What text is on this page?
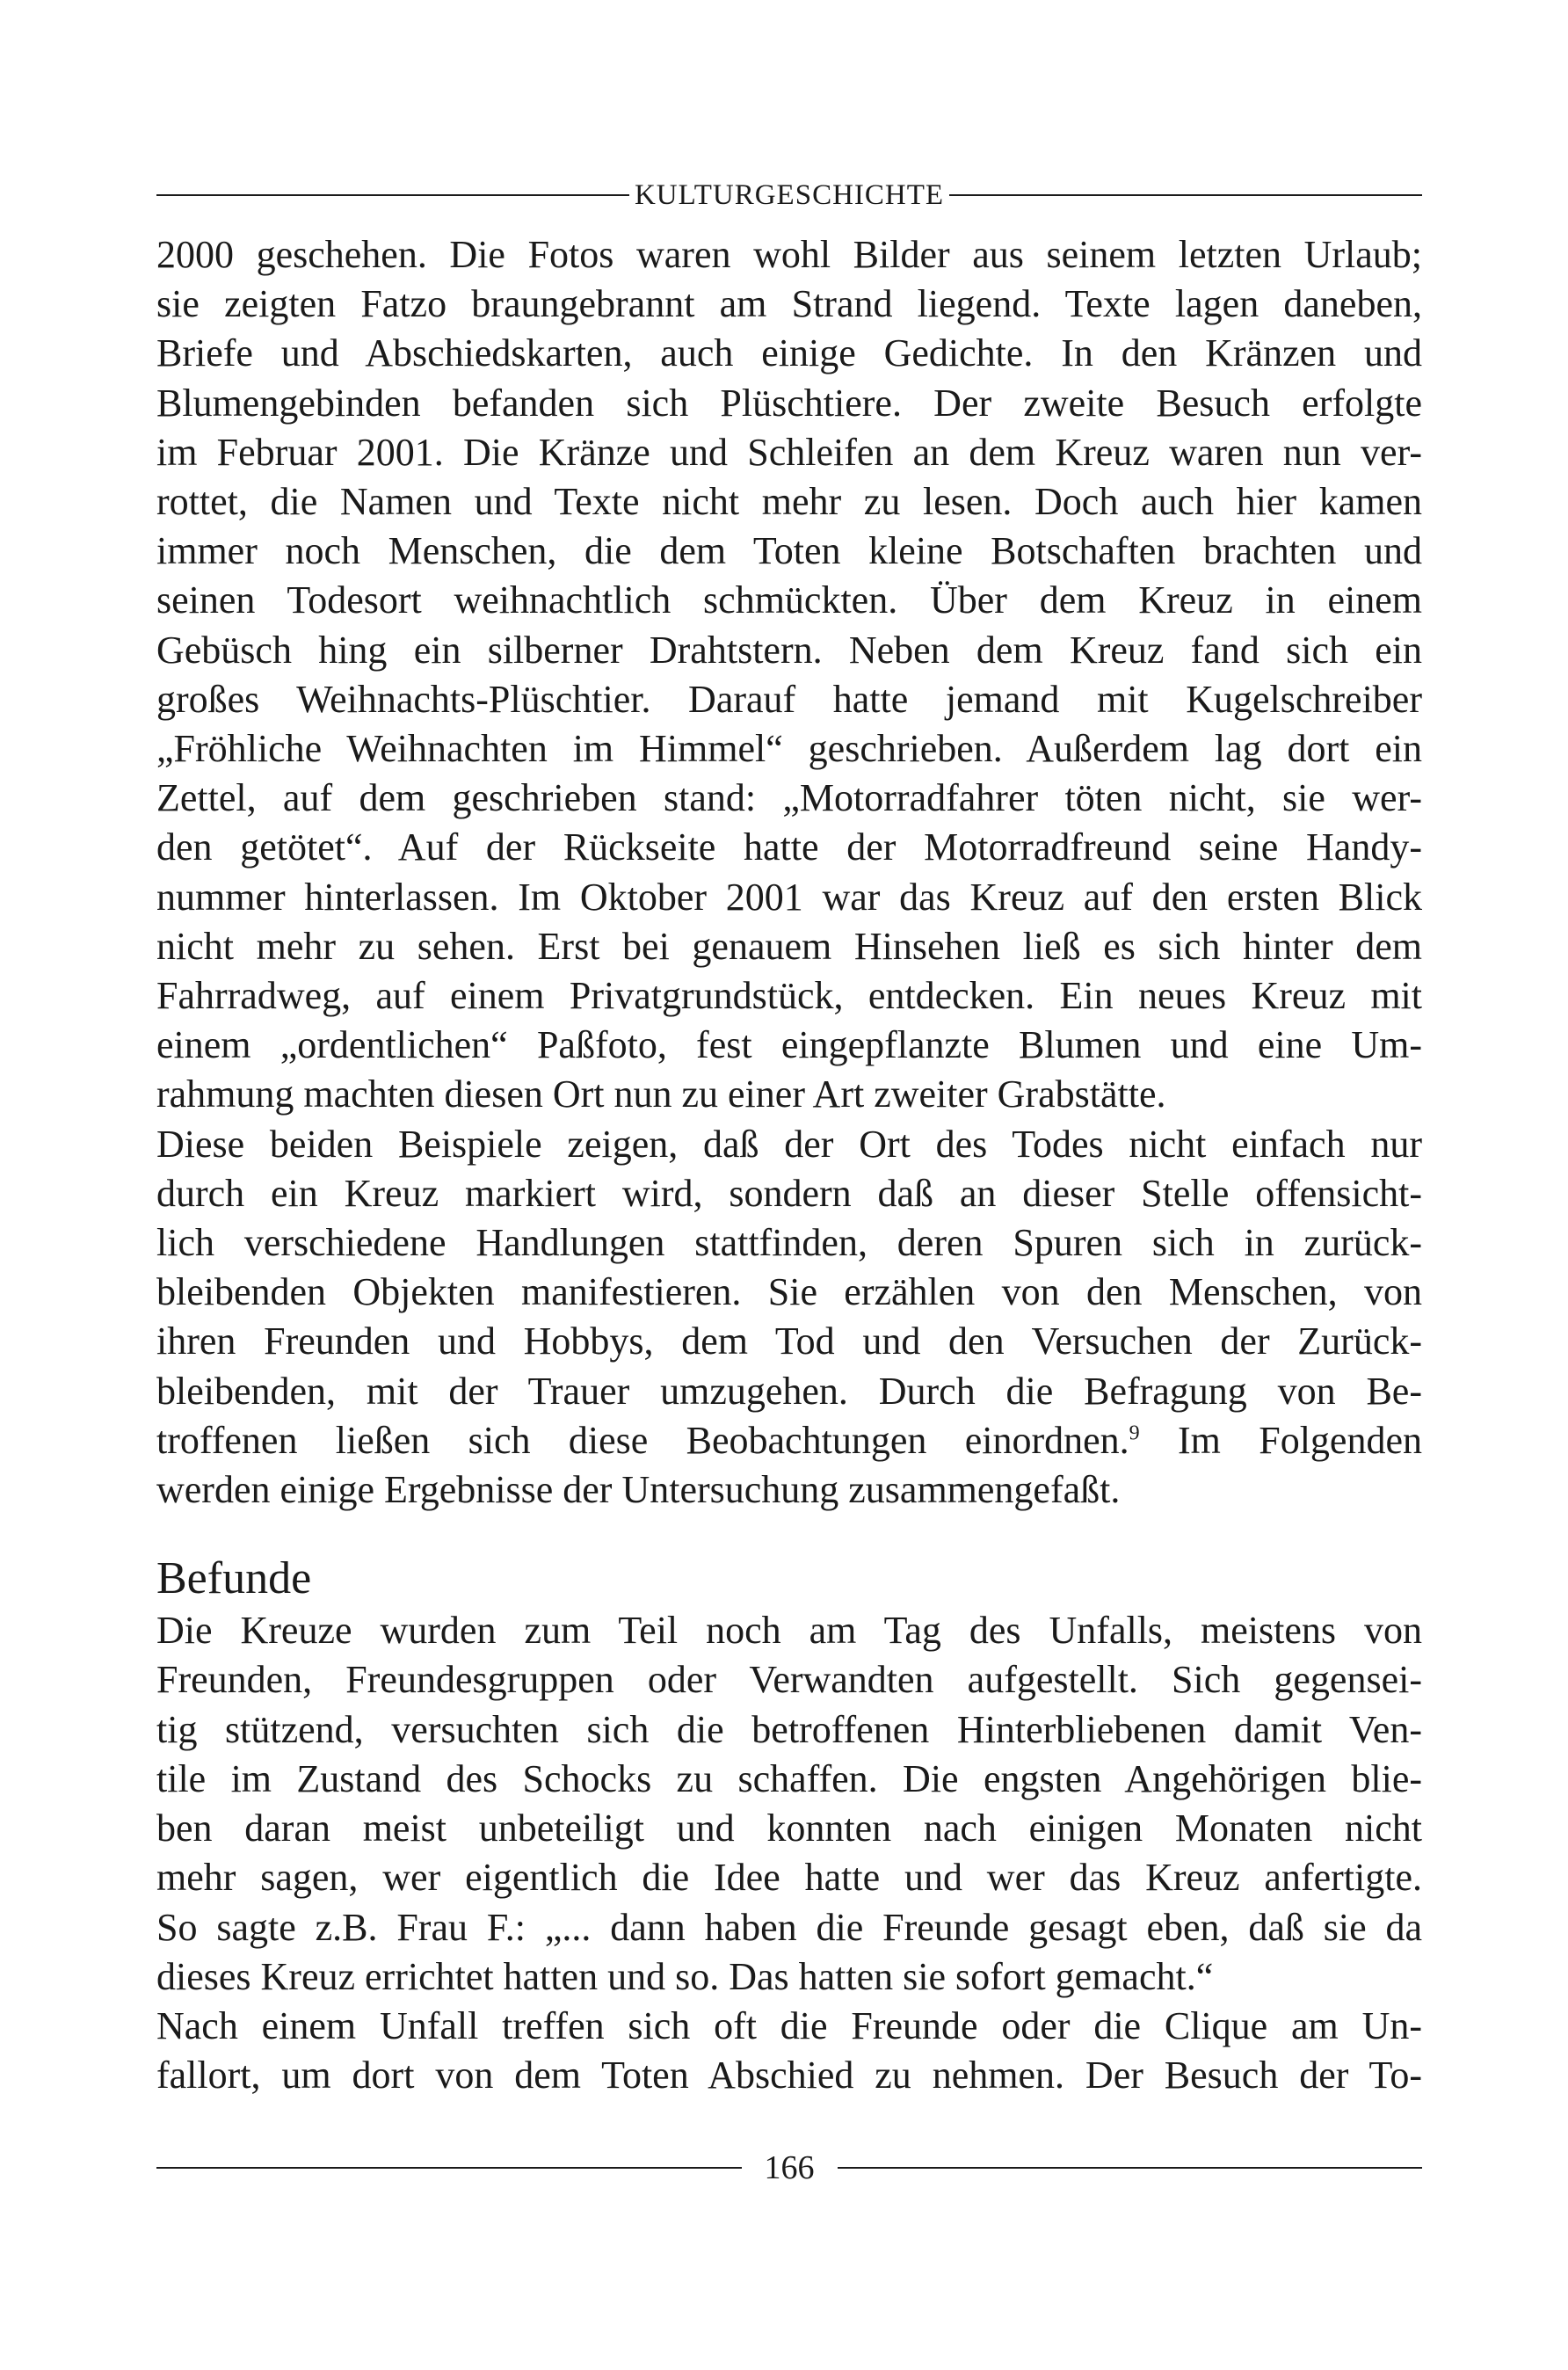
KULTURGESCHICHTE

2000 geschehen. Die Fotos waren wohl Bilder aus seinem letzten Urlaub;
sie zeigten Fatzo braungebrannt am Strand liegend. Texte lagen daneben,
Briefe und Abschiedskarten, auch einige Gedichte. In den Kränzen und
Blumengebinden befanden sich Plüschtiere. Der zweite Besuch erfolgte
im Februar 2001. Die Kränze und Schleifen an dem Kreuz waren nun ver-
rottet, die Namen und Texte nicht mehr zu lesen. Doch auch hier kamen
immer noch Menschen, die dem Toten kleine Botschaften brachten und
seinen Todesort weihnachtlich schmückten. Über dem Kreuz in einem
Gebüsch hing ein silberner Drahtstern. Neben dem Kreuz fand sich ein
großes Weihnachts-Plüschtier. Darauf hatte jemand mit Kugelschreiber
„Fröhliche Weihnachten im Himmel“ geschrieben. Außerdem lag dort ein
Zettel, auf dem geschrieben stand: „Motorradfahrer töten nicht, sie wer-
den getötet“. Auf der Rückseite hatte der Motorradfreund seine Handy-
nummer hinterlassen. Im Oktober 2001 war das Kreuz auf den ersten Blick
nicht mehr zu sehen. Erst bei genauem Hinsehen ließ es sich hinter dem
Fahrradweg, auf einem Privatgrundstück, entdecken. Ein neues Kreuz mit
einem „ordentlichen“ Paßfoto, fest eingepflanzte Blumen und eine Um-
rahmung machten diesen Ort nun zu einer Art zweiter Grabstätte.

Diese beiden Beispiele zeigen, daß der Ort des Todes nicht einfach nur
durch ein Kreuz markiert wird, sondern daß an dieser Stelle offensicht-
lich verschiedene Handlungen stattfinden, deren Spuren sich in zurück-
bleibenden Objekten manifestieren. Sie erzählen von den Menschen, von
ihren Freunden und Hobbys, dem Tod und den Versuchen der Zurück-
bleibenden, mit der Trauer umzugehen. Durch die Befragung von Be-
troffenen ließen sich diese Beobachtungen einordnen.$^9$ Im Folgenden
werden einige Ergebnisse der Untersuchung zusammengefaßt.

Befunde

Die Kreuze wurden zum Teil noch am Tag des Unfalls, meistens von
Freunden, Freundesgruppen oder Verwandten aufgestellt. Sich gegensei-
tig stützend, versuchten sich die betroffenen Hinterbliebenen damit Ven-
tile im Zustand des Schocks zu schaffen. Die engsten Angehörigen blie-
ben daran meist unbeteiligt und konnten nach einigen Monaten nicht
mehr sagen, wer eigentlich die Idee hatte und wer das Kreuz anfertigte.
So sagte z.B. Frau F.: „... dann haben die Freunde gesagt eben, daß sie da
dieses Kreuz errichtet hatten und so. Das hatten sie sofort gemacht.“

Nach einem Unfall treffen sich oft die Freunde oder die Clique am Un-
fallort, um dort von dem Toten Abschied zu nehmen. Der Besuch der To-

166
